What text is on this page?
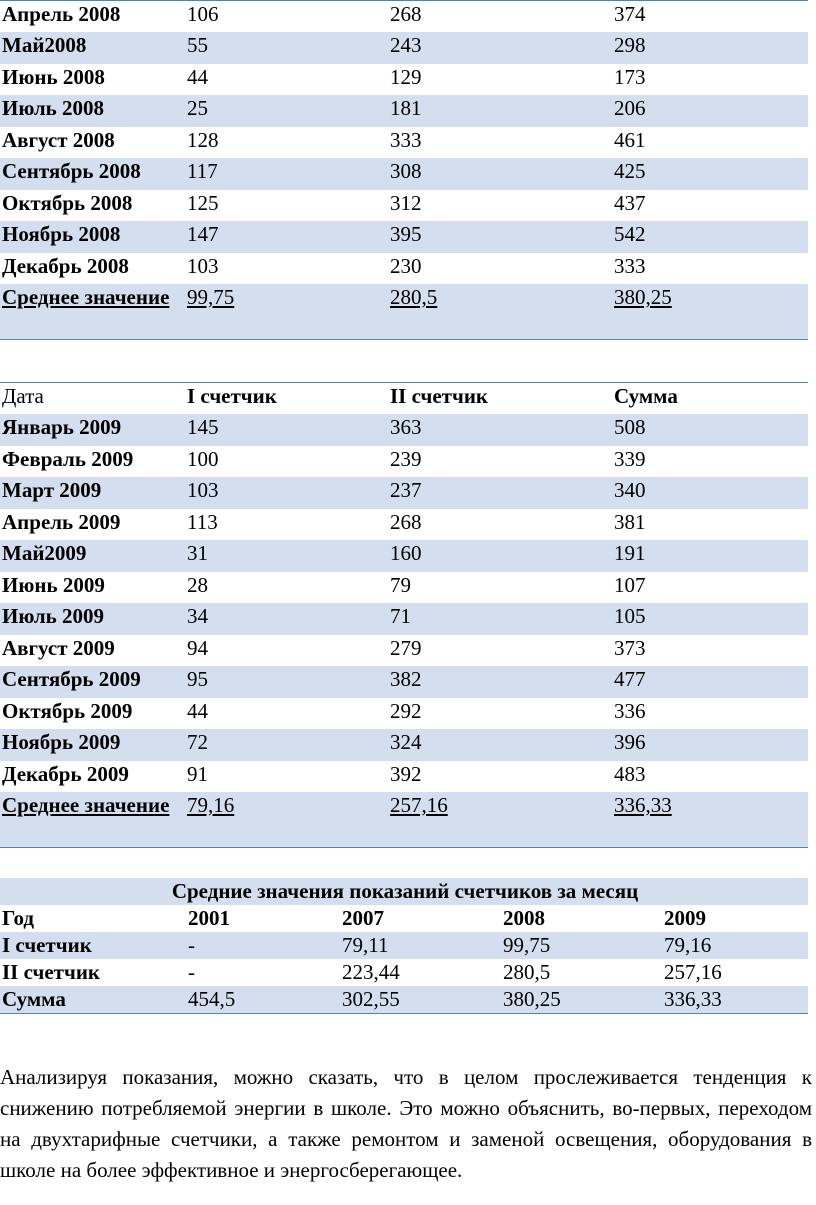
Апрель 2008	106	268	374
Май2008	55	243	298
Июнь 2008	44	129	173
Июль 2008	25	181	206
Август 2008	128	333	461
Сентябрь 2008	117	308	425
Октябрь 2008	125	312	437
Ноябрь 2008	147	395	542
Декабрь 2008	103	230	333
Среднее значение	99,75	280,5	380,25
Дата	I счетчик	II счетчик	Сумма
Январь 2009	145	363	508
Февраль 2009	100	239	339
Март 2009	103	237	340
Апрель 2009	113	268	381
Май2009	31	160	191
Июнь 2009	28	79	107
Июль 2009	34	71	105
Август 2009	94	279	373
Сентябрь 2009	95	382	477
Октябрь 2009	44	292	336
Ноябрь 2009	72	324	396
Декабрь 2009	91	392	483
Среднее значение	79,16	257,16	336,33
Средние значения показаний счетчиков за месяц				
Год	2001	2007	2008	2009
I счетчик	-	79,11	99,75	79,16
II счетчик	-	223,44	280,5	257,16
Сумма	454,5	302,55	380,25	336,33

Анализируя показания, можно сказать, что в целом прослеживается тенденция к снижению потребляемой энергии в школе. Это можно объяснить, во-первых, переходом на двухтарифные счетчики, а также ремонтом и заменой освещения, оборудования в школе на более эффективное и энергосберегающее.
